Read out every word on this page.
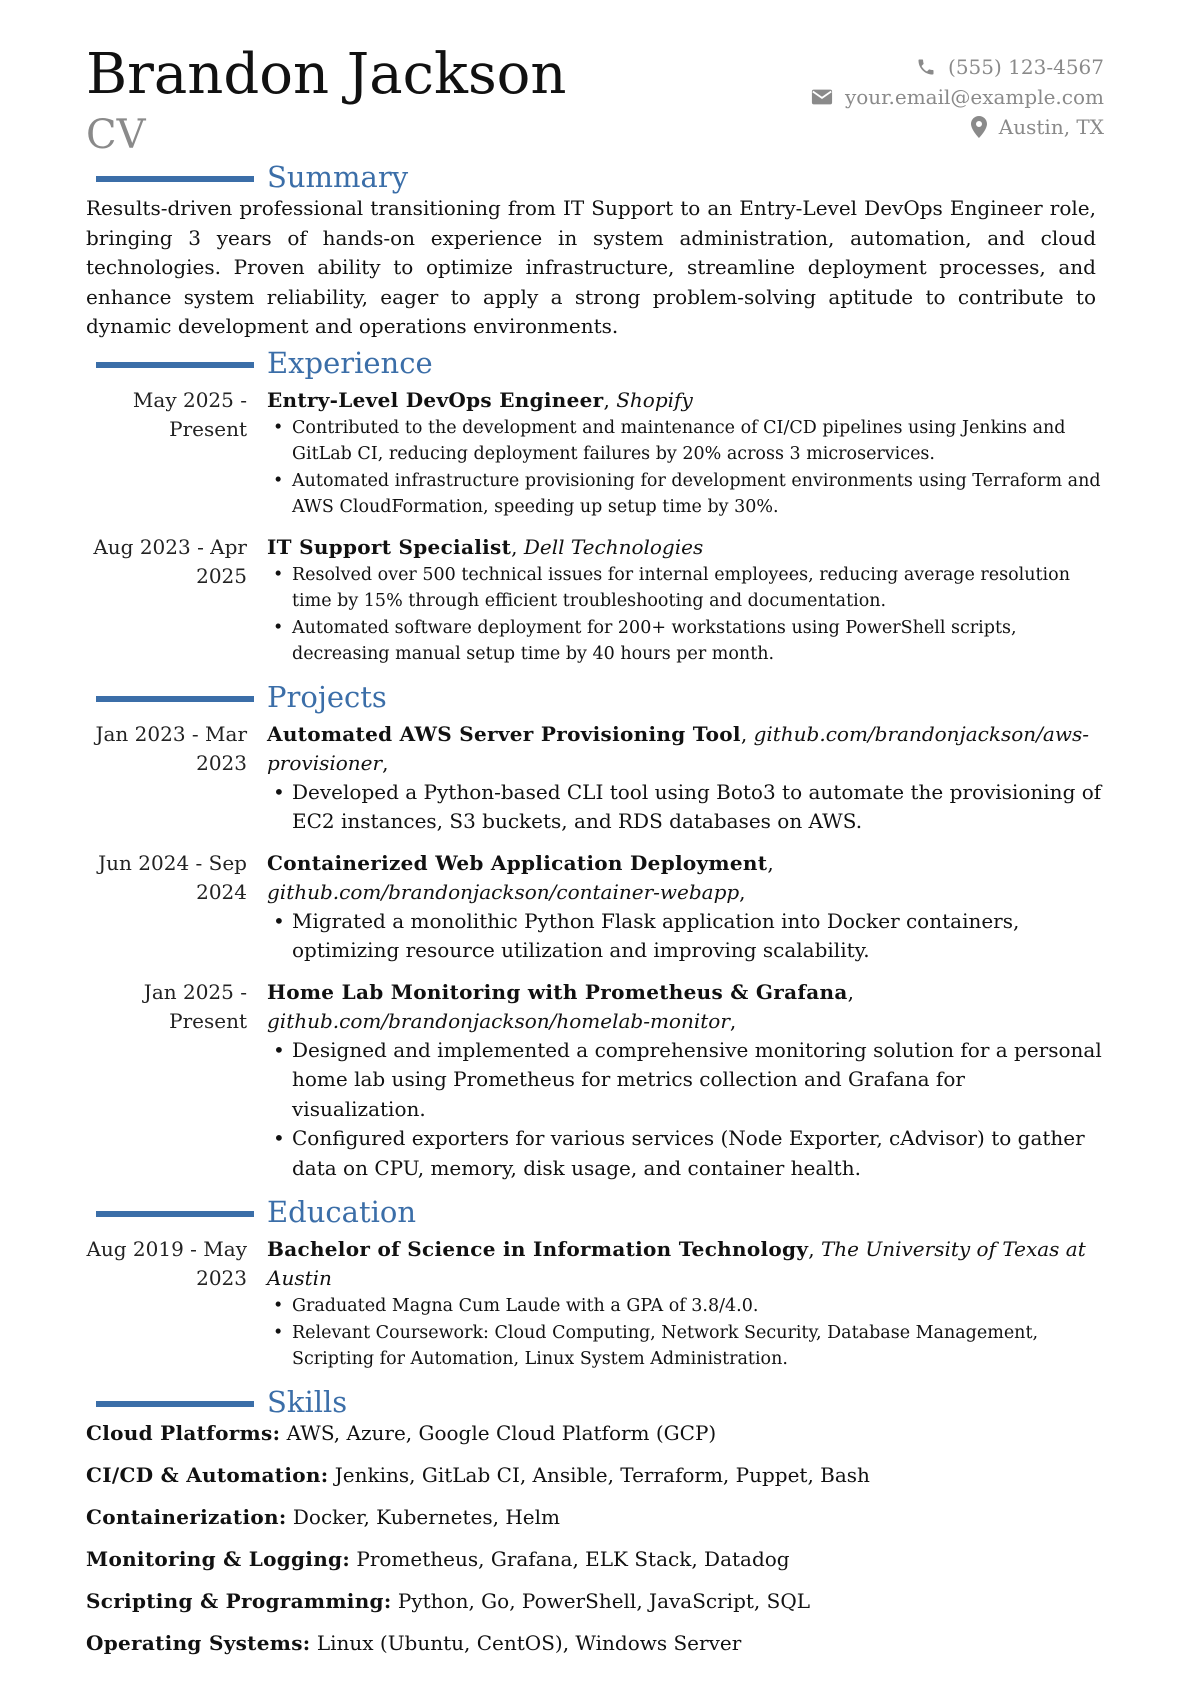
Brandon Jackson
CV
(555) 123-4567
your.email@example.com
Austin, TX
Summary

Results-driven professional transitioning from IT Support to an Entry-Level DevOps Engineer role, bringing 3 years of hands-on experience in system administration, automation, and cloud technologies. Proven ability to optimize infrastructure, streamline deployment processes, and enhance system reliability, eager to apply a strong problem-solving aptitude to contribute to dynamic development and operations environments.

Experience
May 2025 - Present
Entry-Level DevOps Engineer, Shopify
• Contributed to the development and maintenance of CI/CD pipelines using Jenkins and GitLab CI, reducing deployment failures by 20% across 3 microservices.
• Automated infrastructure provisioning for development environments using Terraform and AWS CloudFormation, speeding up setup time by 30%.
Aug 2023 - Apr 2025
IT Support Specialist, Dell Technologies
• Resolved over 500 technical issues for internal employees, reducing average resolution time by 15% through efficient troubleshooting and documentation.
• Automated software deployment for 200+ workstations using PowerShell scripts, decreasing manual setup time by 40 hours per month.
Projects
Jan 2023 - Mar 2023
Automated AWS Server Provisioning Tool, github.com/brandonjackson/aws-provisioner,
• Developed a Python-based CLI tool using Boto3 to automate the provisioning of EC2 instances, S3 buckets, and RDS databases on AWS.
Jun 2024 - Sep 2024
Containerized Web Application Deployment, github.com/brandonjackson/container-webapp,
• Migrated a monolithic Python Flask application into Docker containers, optimizing resource utilization and improving scalability.
Jan 2025 - Present
Home Lab Monitoring with Prometheus & Grafana, github.com/brandonjackson/homelab-monitor,
• Designed and implemented a comprehensive monitoring solution for a personal home lab using Prometheus for metrics collection and Grafana for visualization.
• Configured exporters for various services (Node Exporter, cAdvisor) to gather data on CPU, memory, disk usage, and container health.
Education
Aug 2019 - May 2023
Bachelor of Science in Information Technology, The University of Texas at Austin
• Graduated Magna Cum Laude with a GPA of 3.8/4.0.
• Relevant Coursework: Cloud Computing, Network Security, Database Management, Scripting for Automation, Linux System Administration.
Skills
Cloud Platforms: AWS, Azure, Google Cloud Platform (GCP)
CI/CD & Automation: Jenkins, GitLab CI, Ansible, Terraform, Puppet, Bash
Containerization: Docker, Kubernetes, Helm
Monitoring & Logging: Prometheus, Grafana, ELK Stack, Datadog
Scripting & Programming: Python, Go, PowerShell, JavaScript, SQL
Operating Systems: Linux (Ubuntu, CentOS), Windows Server
